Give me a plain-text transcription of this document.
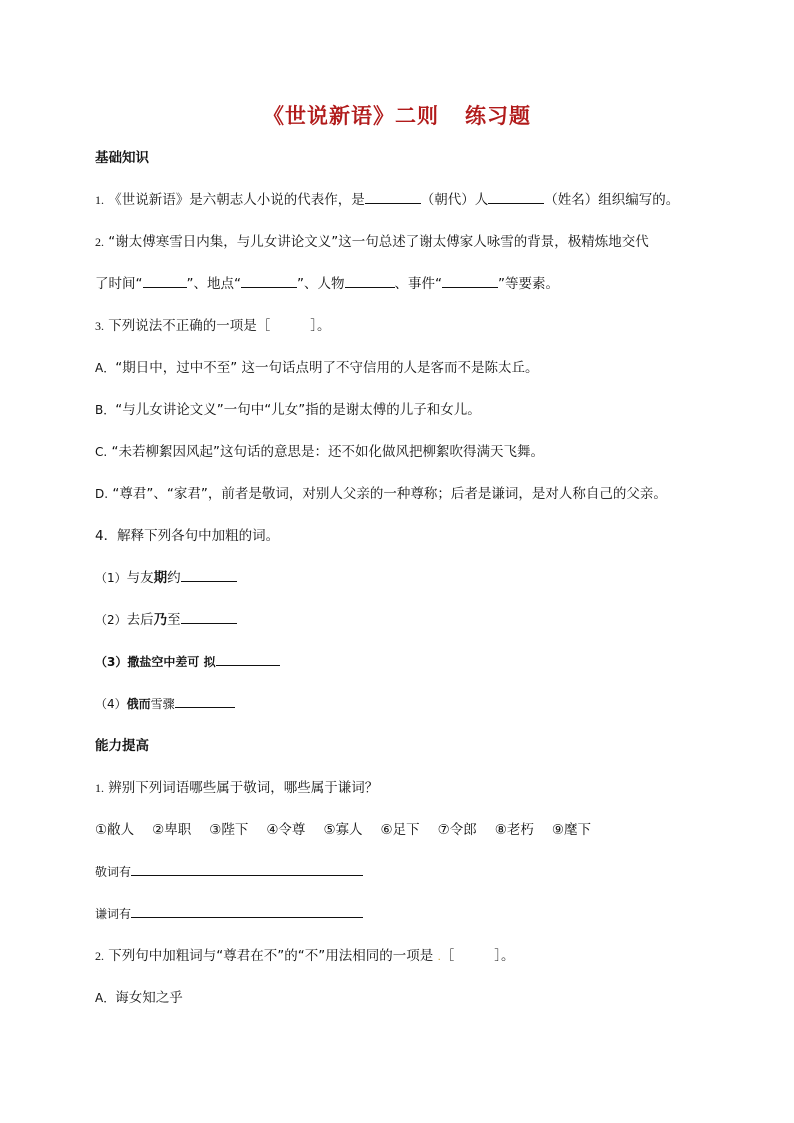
《世说新语》二则 练习题
基础知识
1. 《世说新语》是六朝志人小说的代表作，是	（朝代）人	（姓名）组织编写的。
2. “谢太傅寒雪日内集，与儿女讲论文义”这一句总述了谢太傅家人咏雪的背景，极精炼地交代
了时间“	”、地点“	”、人物	、事件“	”等要素。
3. 下列说法不正确的一项是［	］。
A．“期日中，过中不至” 这一句话点明了不守信用的人是客而不是陈太丘。
B．“与儿女讲论文义”一句中“儿女”指的是谢太傅的儿子和女儿。
C. “未若柳絮因风起”这句话的意思是：还不如化做风把柳絮吹得满天飞舞。
D. “尊君”、“家君”，前者是敬词，对别人父亲的一种尊称；后者是谦词，是对人称自己的父亲。
4．解释下列各句中加粗的词。
（1）与友期约
（2）去后乃至
（3）撒盐空中差可 拟
（4）俄而雪骤
能力提高
1. 辨别下列词语哪些属于敬词，哪些属于谦词？
①敝人 ②卑职 ③陛下 ④令尊 ⑤寡人 ⑥足下 ⑦令郎 ⑧老朽 ⑨麾下
敬词有
谦词有
2. 下列句中加粗词与“尊君在不”的“不”用法相同的一项是 .［	］。
A．诲女知之乎
